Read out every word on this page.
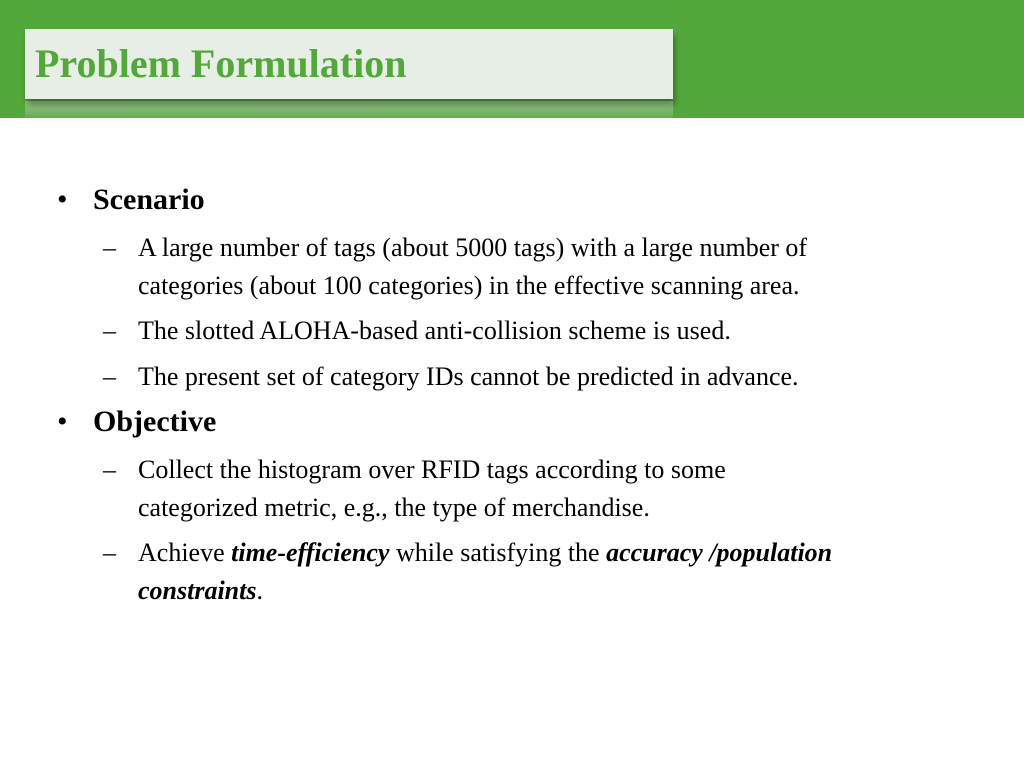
Problem Formulation
• Scenario
– A large number of tags (about 5000 tags) with a large number of
categories (about 100 categories) in the effective scanning area.
– The slotted ALOHA-based anti-collision scheme is used.
– The present set of category IDs cannot be predicted in advance.
• Objective
– Collect the histogram over RFID tags according to some
categorized metric, e.g., the type of merchandise.
– Achieve time-efficiency while satisfying the accuracy /population
constraints.
